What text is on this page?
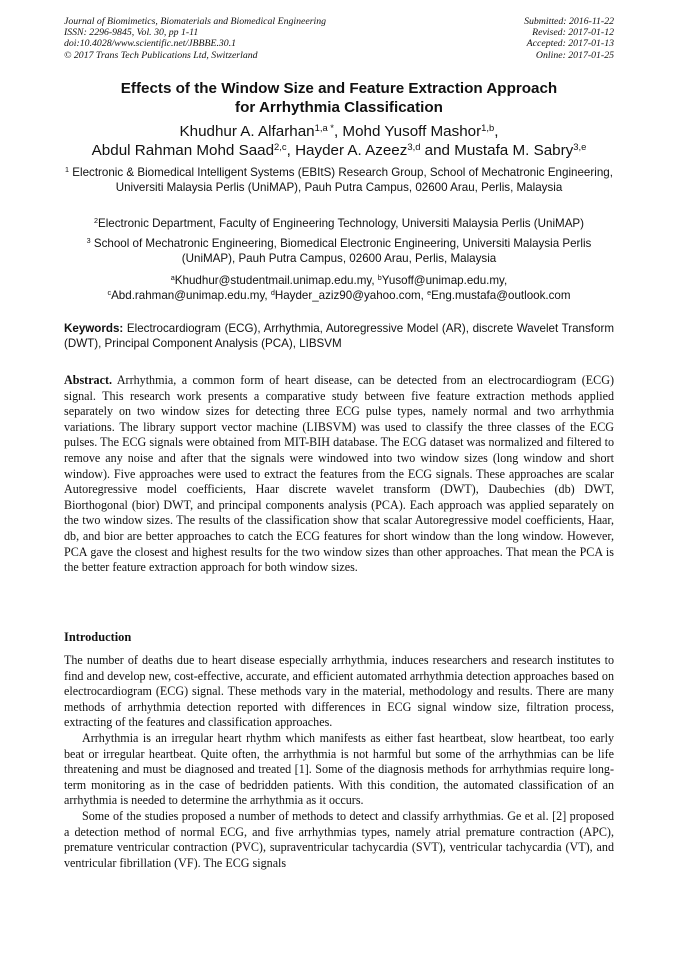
Journal of Biomimetics, Biomaterials and Biomedical Engineering
ISSN: 2296-9845, Vol. 30, pp 1-11
doi:10.4028/www.scientific.net/JBBBE.30.1
© 2017 Trans Tech Publications Ltd, Switzerland
Submitted: 2016-11-22
Revised: 2017-01-12
Accepted: 2017-01-13
Online: 2017-01-25
Effects of the Window Size and Feature Extraction Approach
for Arrhythmia Classification
Khudhur A. Alfarhan$^{1,a *}$, Mohd Yusoff Mashor$^{1,b}$,
Abdul Rahman Mohd Saad$^{2,c}$, Hayder A. Azeez$^{3,d}$ and Mustafa M. Sabry$^{3,e}$
$^1$ Electronic & Biomedical Intelligent Systems (EBItS) Research Group, School of Mechatronic Engineering, Universiti Malaysia Perlis (UniMAP), Pauh Putra Campus, 02600 Arau, Perlis, Malaysia
$^2$Electronic Department, Faculty of Engineering Technology, Universiti Malaysia Perlis (UniMAP)
$^3$ School of Mechatronic Engineering, Biomedical Electronic Engineering, Universiti Malaysia Perlis (UniMAP), Pauh Putra Campus, 02600 Arau, Perlis, Malaysia
$^a$Khudhur@studentmail.unimap.edu.my, $^b$Yusoff@unimap.edu.my,
$^c$Abd.rahman@unimap.edu.my, $^d$Hayder_aziz90@yahoo.com, $^e$Eng.mustafa@outlook.com
Keywords: Electrocardiogram (ECG), Arrhythmia, Autoregressive Model (AR), discrete Wavelet Transform (DWT), Principal Component Analysis (PCA), LIBSVM
Abstract. Arrhythmia, a common form of heart disease, can be detected from an electrocardiogram (ECG) signal. This research work presents a comparative study between five feature extraction methods applied separately on two window sizes for detecting three ECG pulse types, namely normal and two arrhythmia variations. The library support vector machine (LIBSVM) was used to classify the three classes of the ECG pulses. The ECG signals were obtained from MIT-BIH database. The ECG dataset was normalized and filtered to remove any noise and after that the signals were windowed into two window sizes (long window and short window). Five approaches were used to extract the features from the ECG signals. These approaches are scalar Autoregressive model coefficients, Haar discrete wavelet transform (DWT), Daubechies (db) DWT, Biorthogonal (bior) DWT, and principal components analysis (PCA). Each approach was applied separately on the two window sizes. The results of the classification show that scalar Autoregressive model coefficients, Haar, db, and bior are better approaches to catch the ECG features for short window than the long window. However, PCA gave the closest and highest results for the two window sizes than other approaches. That mean the PCA is the better feature extraction approach for both window sizes.
Introduction

The number of deaths due to heart disease especially arrhythmia, induces researchers and research institutes to find and develop new, cost-effective, accurate, and efficient automated arrhythmia detection approaches based on electrocardiogram (ECG) signal. These methods vary in the material, methodology and results. There are many methods of arrhythmia detection reported with differences in ECG signal window size, filtration process, extracting of the features and classification approaches.

Arrhythmia is an irregular heart rhythm which manifests as either fast heartbeat, slow heartbeat, too early beat or irregular heartbeat. Quite often, the arrhythmia is not harmful but some of the arrhythmias can be life threatening and must be diagnosed and treated [1]. Some of the diagnosis methods for arrhythmias require long-term monitoring as in the case of bedridden patients. With this condition, the automated classification of an arrhythmia is needed to determine the arrhythmia as it occurs.

Some of the studies proposed a number of methods to detect and classify arrhythmias. Ge et al. [2] proposed a detection method of normal ECG, and five arrhythmias types, namely atrial premature contraction (APC), premature ventricular contraction (PVC), supraventricular tachycardia (SVT), ventricular tachycardia (VT), and ventricular fibrillation (VF). The ECG signals
